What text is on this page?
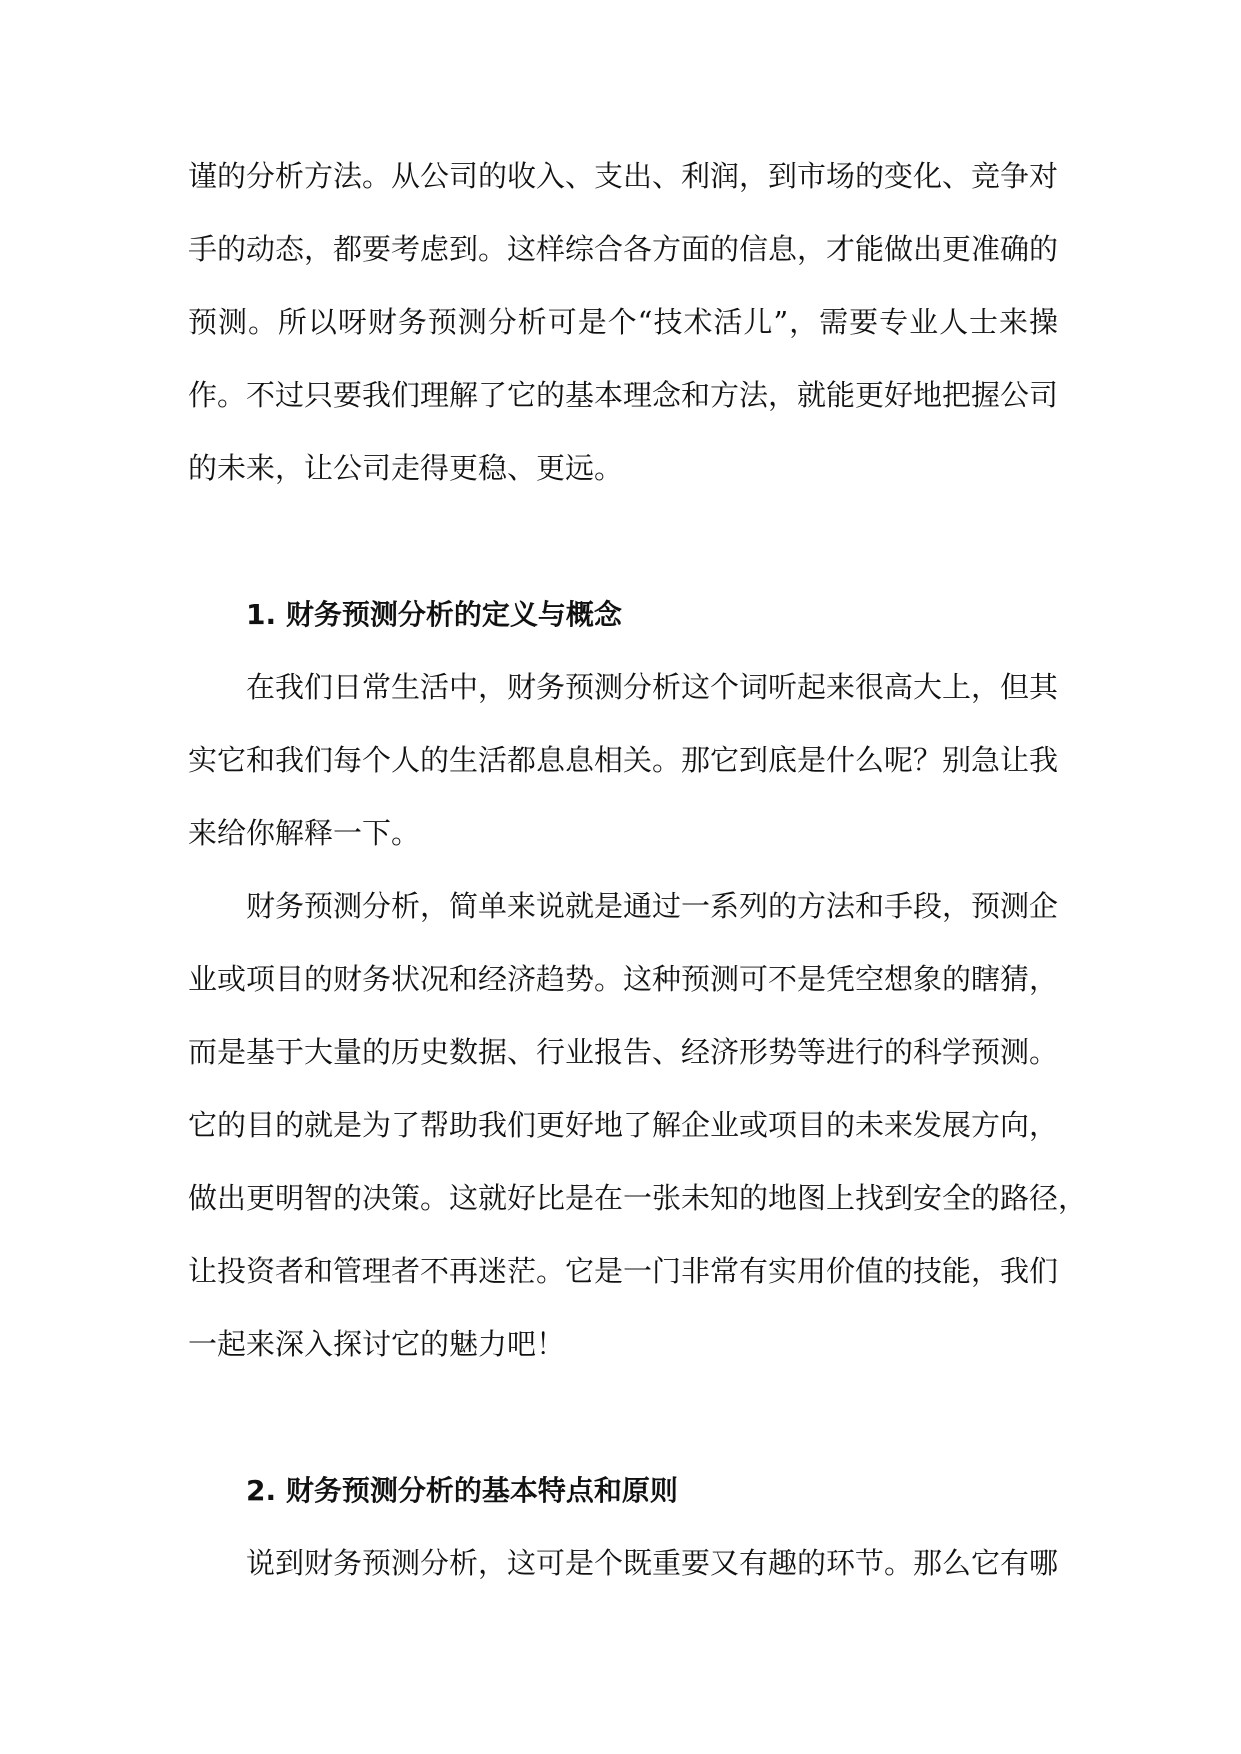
谨的分析方法。从公司的收入、支出、利润，到市场的变化、竞争对
手的动态，都要考虑到。这样综合各方面的信息，才能做出更准确的
预测。所以呀财务预测分析可是个“技术活儿”，需要专业人士来操
作。不过只要我们理解了它的基本理念和方法，就能更好地把握公司
的未来，让公司走得更稳、更远。
1. 财务预测分析的定义与概念
在我们日常生活中，财务预测分析这个词听起来很高大上，但其
实它和我们每个人的生活都息息相关。那它到底是什么呢？别急让我
来给你解释一下。
财务预测分析，简单来说就是通过一系列的方法和手段，预测企
业或项目的财务状况和经济趋势。这种预测可不是凭空想象的瞎猜，
而是基于大量的历史数据、行业报告、经济形势等进行的科学预测。
它的目的就是为了帮助我们更好地了解企业或项目的未来发展方向，
做出更明智的决策。这就好比是在一张未知的地图上找到安全的路径，
让投资者和管理者不再迷茫。它是一门非常有实用价值的技能，我们
一起来深入探讨它的魅力吧！
2. 财务预测分析的基本特点和原则
说到财务预测分析，这可是个既重要又有趣的环节。那么它有哪
